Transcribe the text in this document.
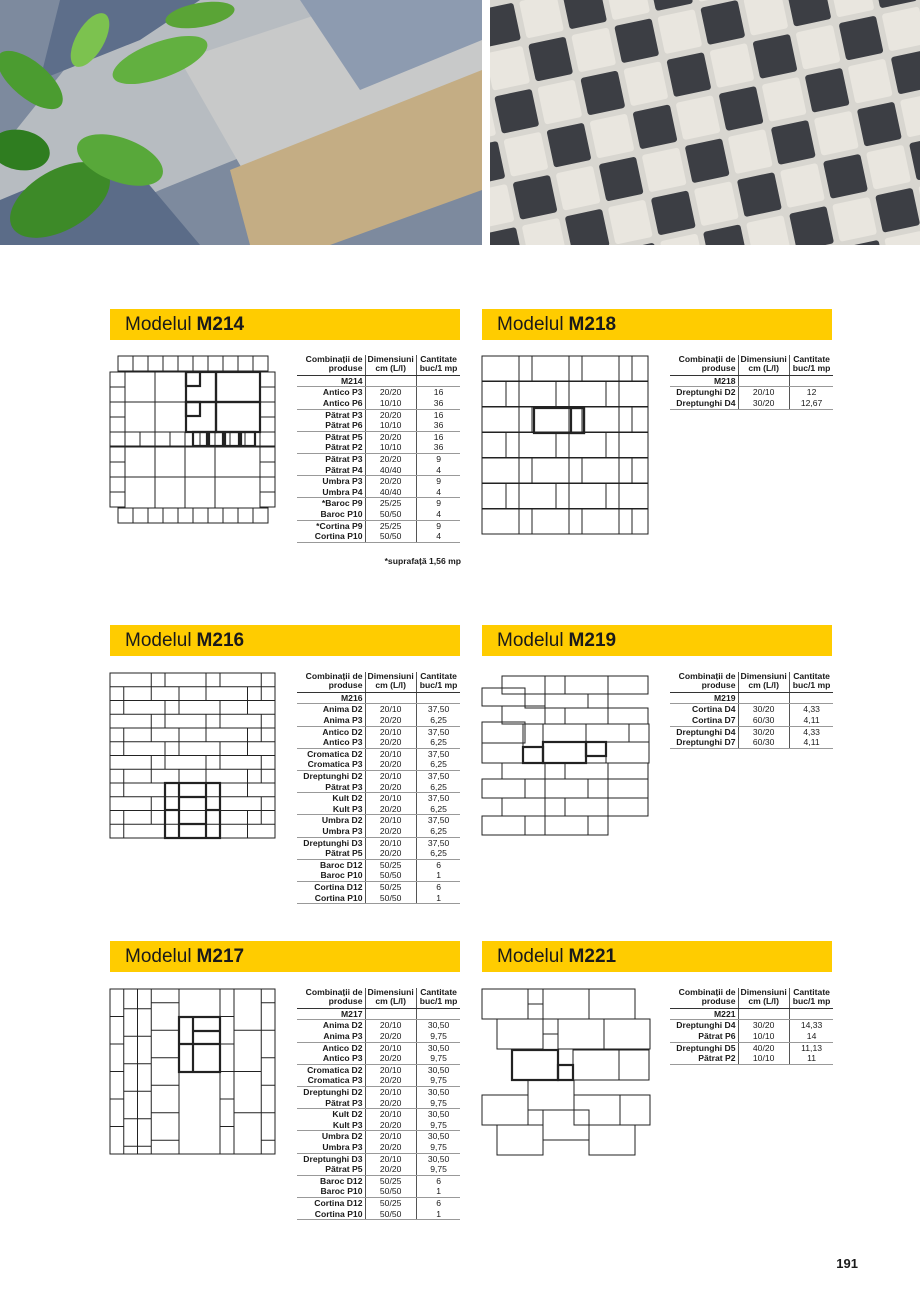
Modelul M214	Modelul M218
Modelul M216	Modelul M219
Modelul M217	Modelul M221
Combinații de produse	Dimensiuni cm (L/l)	Cantitate buc/1 mp
M214		
Antico P3	20/20	16
Antico P6	10/10	36
Pătrat P3	20/20	16
Pătrat P6	10/10	36
Pătrat P5	20/20	16
Pătrat P2	10/10	36
Pătrat P3	20/20	9
Pătrat P4	40/40	4
Umbra P3	20/20	9
Umbra P4	40/40	4
*Baroc P9	25/25	9
Baroc P10	50/50	4
*Cortina P9	25/25	9
Cortina P10	50/50	4
*suprafață 1,56 mp
Combinații de produse	Dimensiuni cm (L/l)	Cantitate buc/1 mp
M218		
Dreptunghi D2	20/10	12
Dreptunghi D4	30/20	12,67
Combinații de produse	Dimensiuni cm (L/l)	Cantitate buc/1 mp
M216		
Anima D2	20/10	37,50
Anima P3	20/20	6,25
Antico D2	20/10	37,50
Antico P3	20/20	6,25
Cromatica D2	20/10	37,50
Cromatica P3	20/20	6,25
Dreptunghi D2	20/10	37,50
Pătrat P3	20/20	6,25
Kult D2	20/10	37,50
Kult P3	20/20	6,25
Umbra D2	20/10	37,50
Umbra P3	20/20	6,25
Dreptunghi D3	20/10	37,50
Pătrat P5	20/20	6,25
Baroc D12	50/25	6
Baroc P10	50/50	1
Cortina D12	50/25	6
Cortina P10	50/50	1
Combinații de produse	Dimensiuni cm (L/l)	Cantitate buc/1 mp
M219		
Cortina D4	30/20	4,33
Cortina D7	60/30	4,11
Dreptunghi D4	30/20	4,33
Dreptunghi D7	60/30	4,11
Combinații de produse	Dimensiuni cm (L/l)	Cantitate buc/1 mp
M217		
Anima D2	20/10	30,50
Anima P3	20/20	9,75
Antico D2	20/10	30,50
Antico P3	20/20	9,75
Cromatica D2	20/10	30,50
Cromatica P3	20/20	9,75
Dreptunghi D2	20/10	30,50
Pătrat P3	20/20	9,75
Kult D2	20/10	30,50
Kult P3	20/20	9,75
Umbra D2	20/10	30,50
Umbra P3	20/20	9,75
Dreptunghi D3	20/10	30,50
Pătrat P5	20/20	9,75
Baroc D12	50/25	6
Baroc P10	50/50	1
Cortina D12	50/25	6
Cortina P10	50/50	1
Combinații de produse	Dimensiuni cm (L/l)	Cantitate buc/1 mp
M221		
Dreptunghi D4	30/20	14,33
Pătrat P6	10/10	14
Dreptunghi D5	40/20	11,13
Pătrat P2	10/10	11
191
